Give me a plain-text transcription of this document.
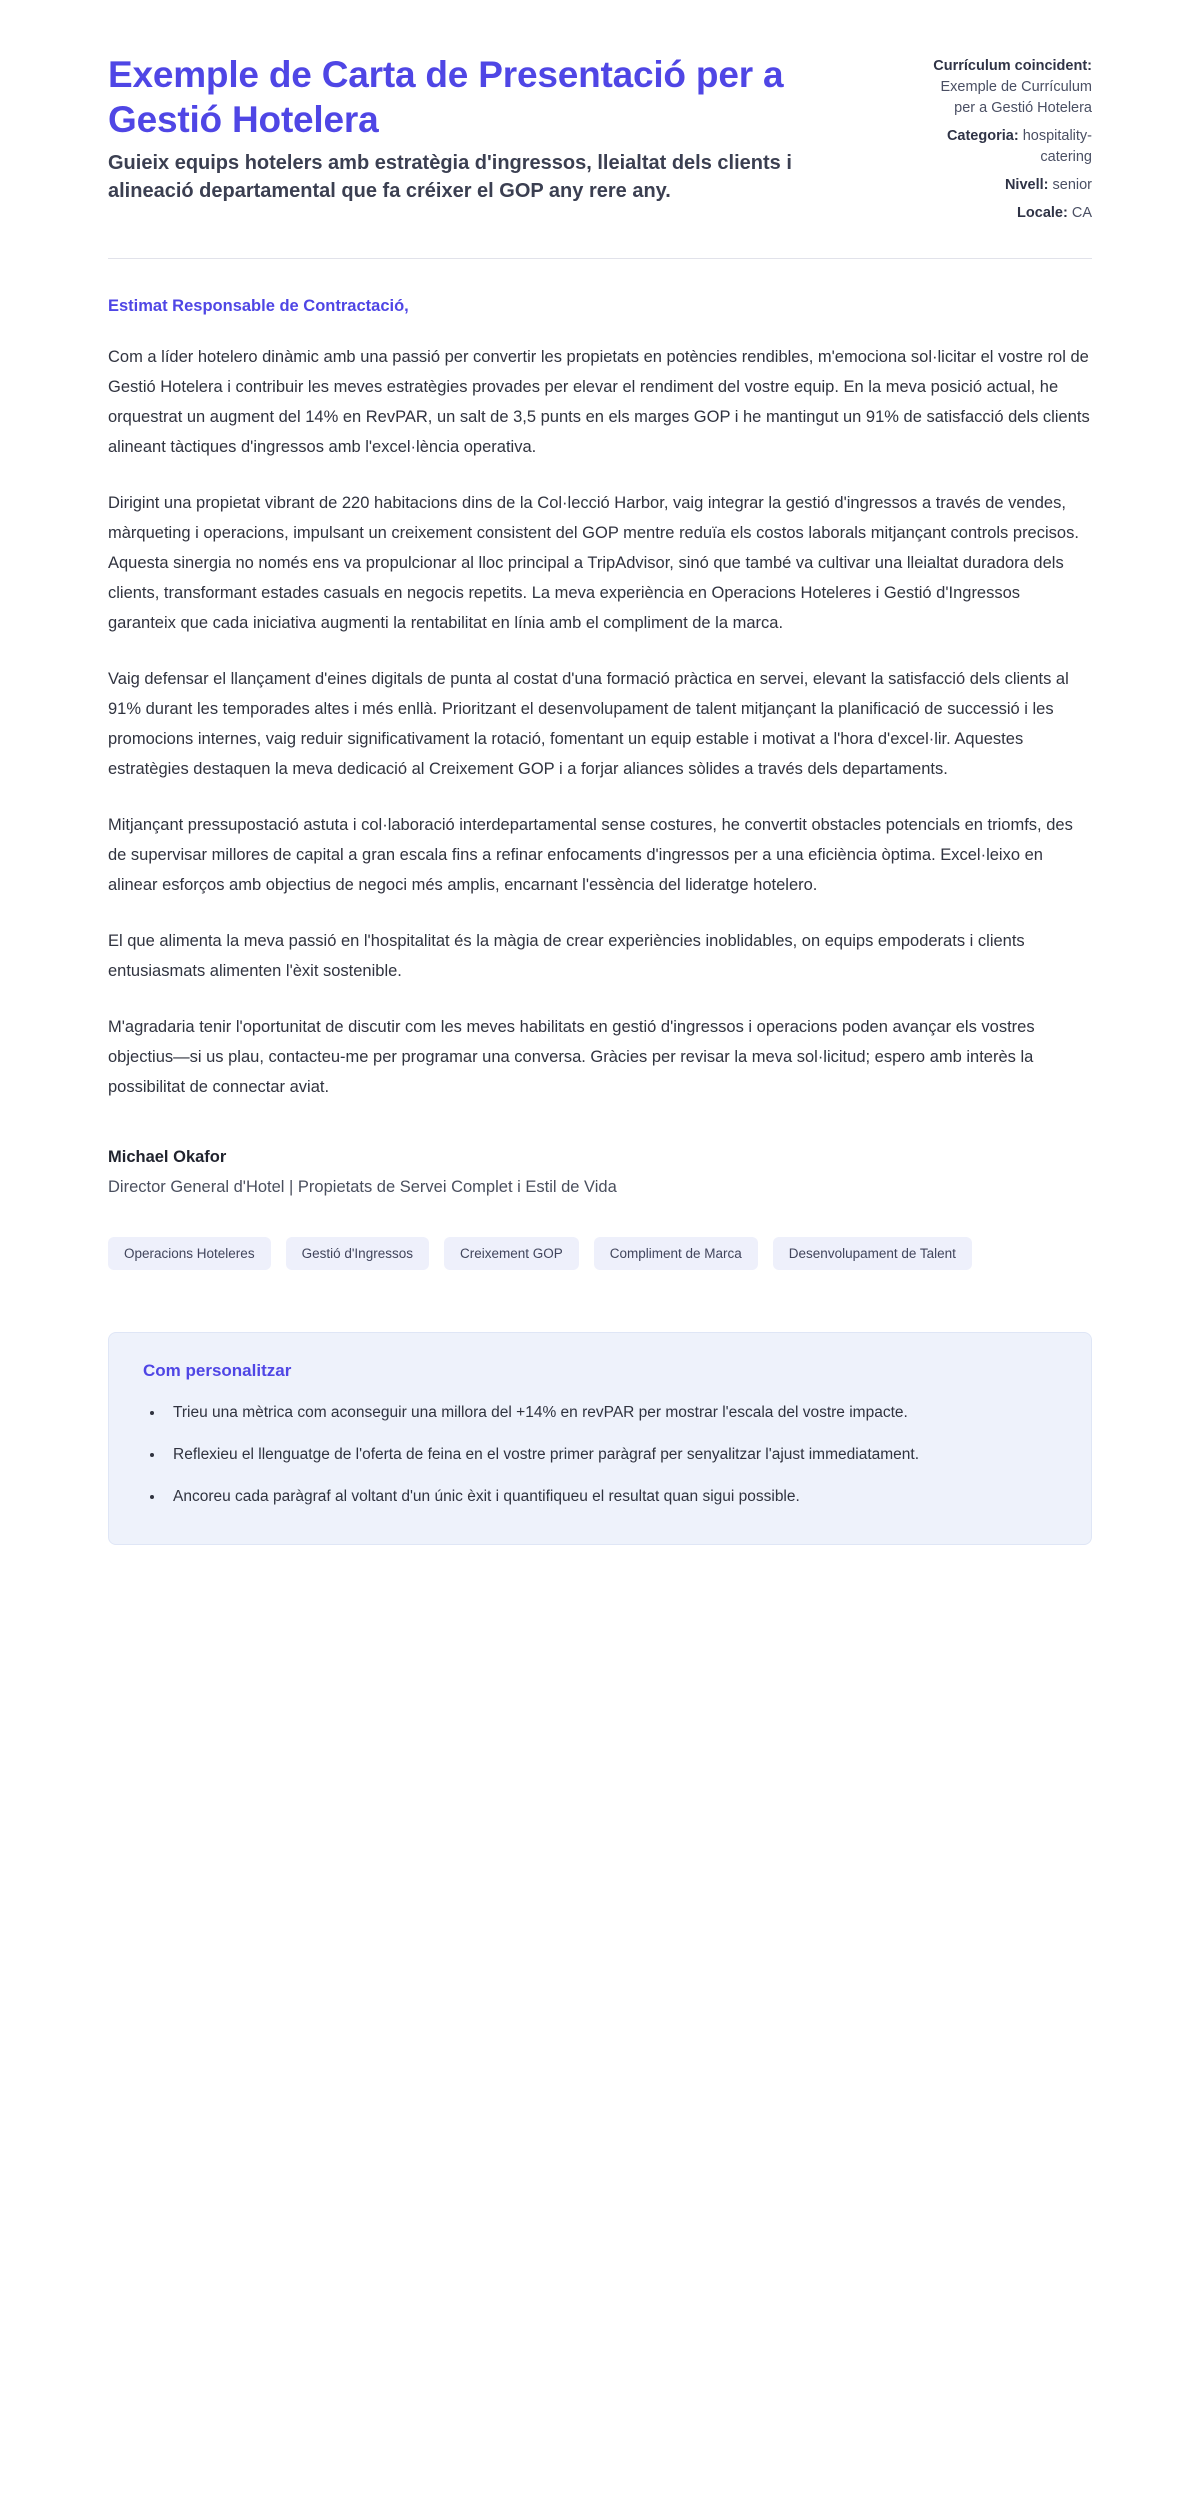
Exemple de Carta de Presentació per a Gestió Hotelera

Guieix equips hotelers amb estratègia d'ingressos, lleialtat dels clients i alineació departamental que fa créixer el GOP any rere any.

Currículum coincident:
Exemple de Currículum
per a Gestió Hotelera
Categoria: hospitality-
catering
Nivell: senior
Locale: CA

Estimat Responsable de Contractació,

Com a líder hotelero dinàmic amb una passió per convertir les propietats en potències rendibles, m'emociona sol·licitar el vostre rol de Gestió Hotelera i contribuir les meves estratègies provades per elevar el rendiment del vostre equip. En la meva posició actual, he orquestrat un augment del 14% en RevPAR, un salt de 3,5 punts en els marges GOP i he mantingut un 91% de satisfacció dels clients alineant tàctiques d'ingressos amb l'excel·lència operativa.

Dirigint una propietat vibrant de 220 habitacions dins de la Col·lecció Harbor, vaig integrar la gestió d'ingressos a través de vendes, màrqueting i operacions, impulsant un creixement consistent del GOP mentre reduïa els costos laborals mitjançant controls precisos. Aquesta sinergia no només ens va propulcionar al lloc principal a TripAdvisor, sinó que també va cultivar una lleialtat duradora dels clients, transformant estades casuals en negocis repetits. La meva experiència en Operacions Hoteleres i Gestió d'Ingressos garanteix que cada iniciativa augmenti la rentabilitat en línia amb el compliment de la marca.

Vaig defensar el llançament d'eines digitals de punta al costat d'una formació pràctica en servei, elevant la satisfacció dels clients al 91% durant les temporades altes i més enllà. Prioritzant el desenvolupament de talent mitjançant la planificació de successió i les promocions internes, vaig reduir significativament la rotació, fomentant un equip estable i motivat a l'hora d'excel·lir. Aquestes estratègies destaquen la meva dedicació al Creixement GOP i a forjar aliances sòlides a través dels departaments.

Mitjançant pressupostació astuta i col·laboració interdepartamental sense costures, he convertit obstacles potencials en triomfs, des de supervisar millores de capital a gran escala fins a refinar enfocaments d'ingressos per a una eficiència òptima. Excel·leixo en alinear esforços amb objectius de negoci més amplis, encarnant l'essència del lideratge hotelero.

El que alimenta la meva passió en l'hospitalitat és la màgia de crear experiències inoblidables, on equips empoderats i clients entusiasmats alimenten l'èxit sostenible.

M'agradaria tenir l'oportunitat de discutir com les meves habilitats en gestió d'ingressos i operacions poden avançar els vostres objectius—si us plau, contacteu-me per programar una conversa. Gràcies per revisar la meva sol·licitud; espero amb interès la possibilitat de connectar aviat.

Michael Okafor

Director General d'Hotel | Propietats de Servei Complet i Estil de Vida

Operacions Hoteleres	Gestió d'Ingressos	Creixement GOP	Compliment de Marca	Desenvolupament de Talent
Com personalitzar
• Trieu una mètrica com aconseguir una millora del +14% en revPAR per mostrar l'escala del vostre impacte.
• Reflexieu el llenguatge de l'oferta de feina en el vostre primer paràgraf per senyalitzar l'ajust immediatament.
• Ancoreu cada paràgraf al voltant d'un únic èxit i quantifiqueu el resultat quan sigui possible.
